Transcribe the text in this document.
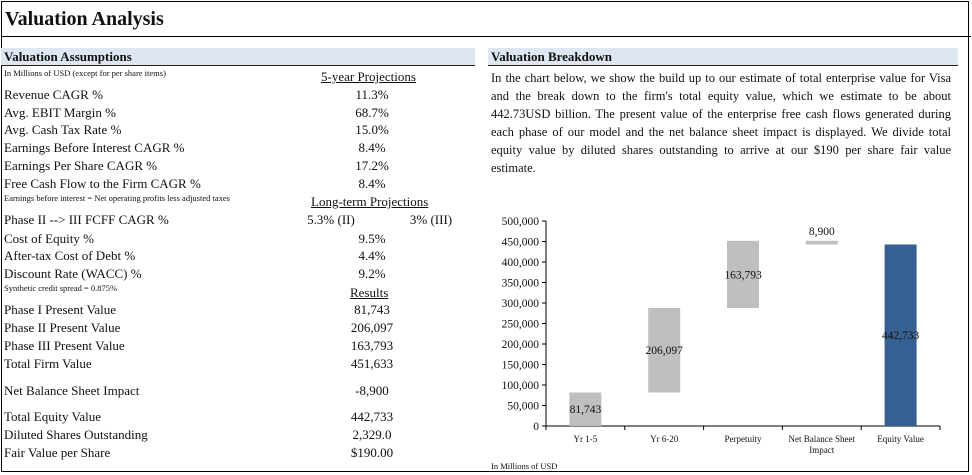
Valuation Analysis
Valuation Assumptions
In Millions of USD (except for per share items)	5-year Projections
Revenue CAGR %	11.3%
Avg. EBIT Margin %	68.7%
Avg. Cash Tax Rate %	15.0%
Earnings Before Interest CAGR %	8.4%
Earnings Per Share CAGR %	17.2%
Free Cash Flow to the Firm CAGR %	8.4%
Earnings before interest = Net operating profits less adjusted taxes	Long-term Projections
Phase II --> III FCFF CAGR %	5.3% (II)	3% (III)
Cost of Equity %	9.5%
After-tax Cost of Debt %	4.4%
Discount Rate (WACC) %	9.2%
Synthetic credit spread = 0.875%	Results
Phase I Present Value	81,743
Phase II Present Value	206,097
Phase III Present Value	163,793
Total Firm Value	451,633
Net Balance Sheet Impact	-8,900
Total Equity Value	442,733
Diluted Shares Outstanding	2,329.0
Fair Value per Share	$190.00
Valuation Breakdown
In the chart below, we show the build up to our estimate of total enterprise value for Visa and the break down to the firm's total equity value, which we estimate to be about 442.73USD billion. The present value of the enterprise free cash flows generated during each phase of our model and the net balance sheet impact is displayed. We divide total equity value by diluted shares outstanding to arrive at our $190 per share fair value estimate.
0
50,000
100,000
150,000
200,000
250,000
300,000
350,000
400,000
450,000
500,000
81,743
206,097
163,793
8,900
442,733
Yr 1-5	Yr 6-20	Perpetuity	Net Balance Sheet
Impact
Equity Value
In Millions of USD
